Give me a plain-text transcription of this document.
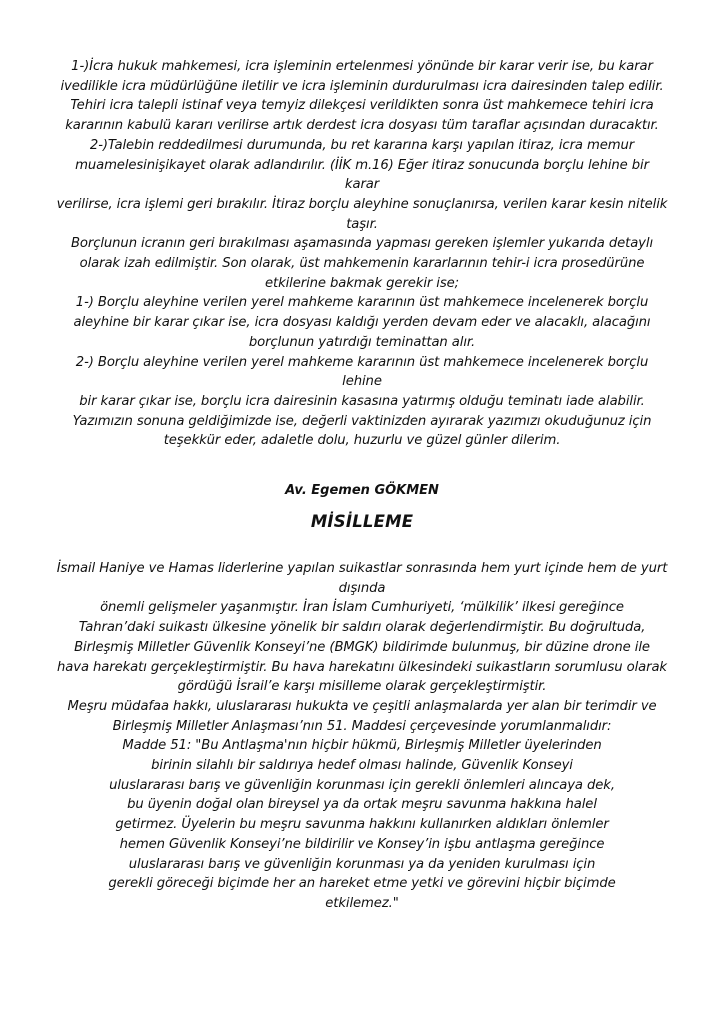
1-)İcra hukuk mahkemesi, icra işleminin ertelenmesi yönünde bir karar verir ise, bu karar
ivedilikle icra müdürlüğüne iletilir ve icra işleminin durdurulması icra dairesinden talep edilir.
Tehiri icra talepli istinaf veya temyiz dilekçesi verildikten sonra üst mahkemece tehiri icra
kararının kabulü kararı verilirse artık derdest icra dosyası tüm taraflar açısından duracaktır.
2-)Talebin reddedilmesi durumunda, bu ret kararına karşı yapılan itiraz, icra memur
muamelesinişikayet olarak adlandırılır. (İİK m.16) Eğer itiraz sonucunda borçlu lehine bir
karar
verilirse, icra işlemi geri bırakılır. İtiraz borçlu aleyhine sonuçlanırsa, verilen karar kesin nitelik
taşır.
Borçlunun icranın geri bırakılması aşamasında yapması gereken işlemler yukarıda detaylı
olarak izah edilmiştir. Son olarak, üst mahkemenin kararlarının tehir-i icra prosedürüne
etkilerine bakmak gerekir ise;
1-) Borçlu aleyhine verilen yerel mahkeme kararının üst mahkemece incelenerek borçlu
aleyhine bir karar çıkar ise, icra dosyası kaldığı yerden devam eder ve alacaklı, alacağını
borçlunun yatırdığı teminattan alır.
2-) Borçlu aleyhine verilen yerel mahkeme kararının üst mahkemece incelenerek borçlu
lehine
bir karar çıkar ise, borçlu icra dairesinin kasasına yatırmış olduğu teminatı iade alabilir.
Yazımızın sonuna geldiğimizde ise, değerli vaktinizden ayırarak yazımızı okuduğunuz için
teşekkür eder, adaletle dolu, huzurlu ve güzel günler dilerim.
Av. Egemen GÖKMEN
MİSİLLEME
İsmail Haniye ve Hamas liderlerine yapılan suikastlar sonrasında hem yurt içinde hem de yurt
dışında
önemli gelişmeler yaşanmıştır. İran İslam Cumhuriyeti, ‘mülkilik’ ilkesi gereğince
Tahran’daki suikastı ülkesine yönelik bir saldırı olarak değerlendirmiştir. Bu doğrultuda,
Birleşmiş Milletler Güvenlik Konseyi’ne (BMGK) bildirimde bulunmuş, bir düzine drone ile
hava harekatı gerçekleştirmiştir. Bu hava harekatını ülkesindeki suikastların sorumlusu olarak
gördüğü İsrail’e karşı misilleme olarak gerçekleştirmiştir.
Meşru müdafaa hakkı, uluslararası hukukta ve çeşitli anlaşmalarda yer alan bir terimdir ve
Birleşmiş Milletler Anlaşması’nın 51. Maddesi çerçevesinde yorumlanmalıdır:
Madde 51: "Bu Antlaşma'nın hiçbir hükmü, Birleşmiş Milletler üyelerinden
birinin silahlı bir saldırıya hedef olması halinde, Güvenlik Konseyi
uluslararası barış ve güvenliğin korunması için gerekli önlemleri alıncaya dek,
bu üyenin doğal olan bireysel ya da ortak meşru savunma hakkına halel
getirmez. Üyelerin bu meşru savunma hakkını kullanırken aldıkları önlemler
hemen Güvenlik Konseyi’ne bildirilir ve Konsey’in işbu antlaşma gereğince
uluslararası barış ve güvenliğin korunması ya da yeniden kurulması için
gerekli göreceği biçimde her an hareket etme yetki ve görevini hiçbir biçimde
etkilemez."
